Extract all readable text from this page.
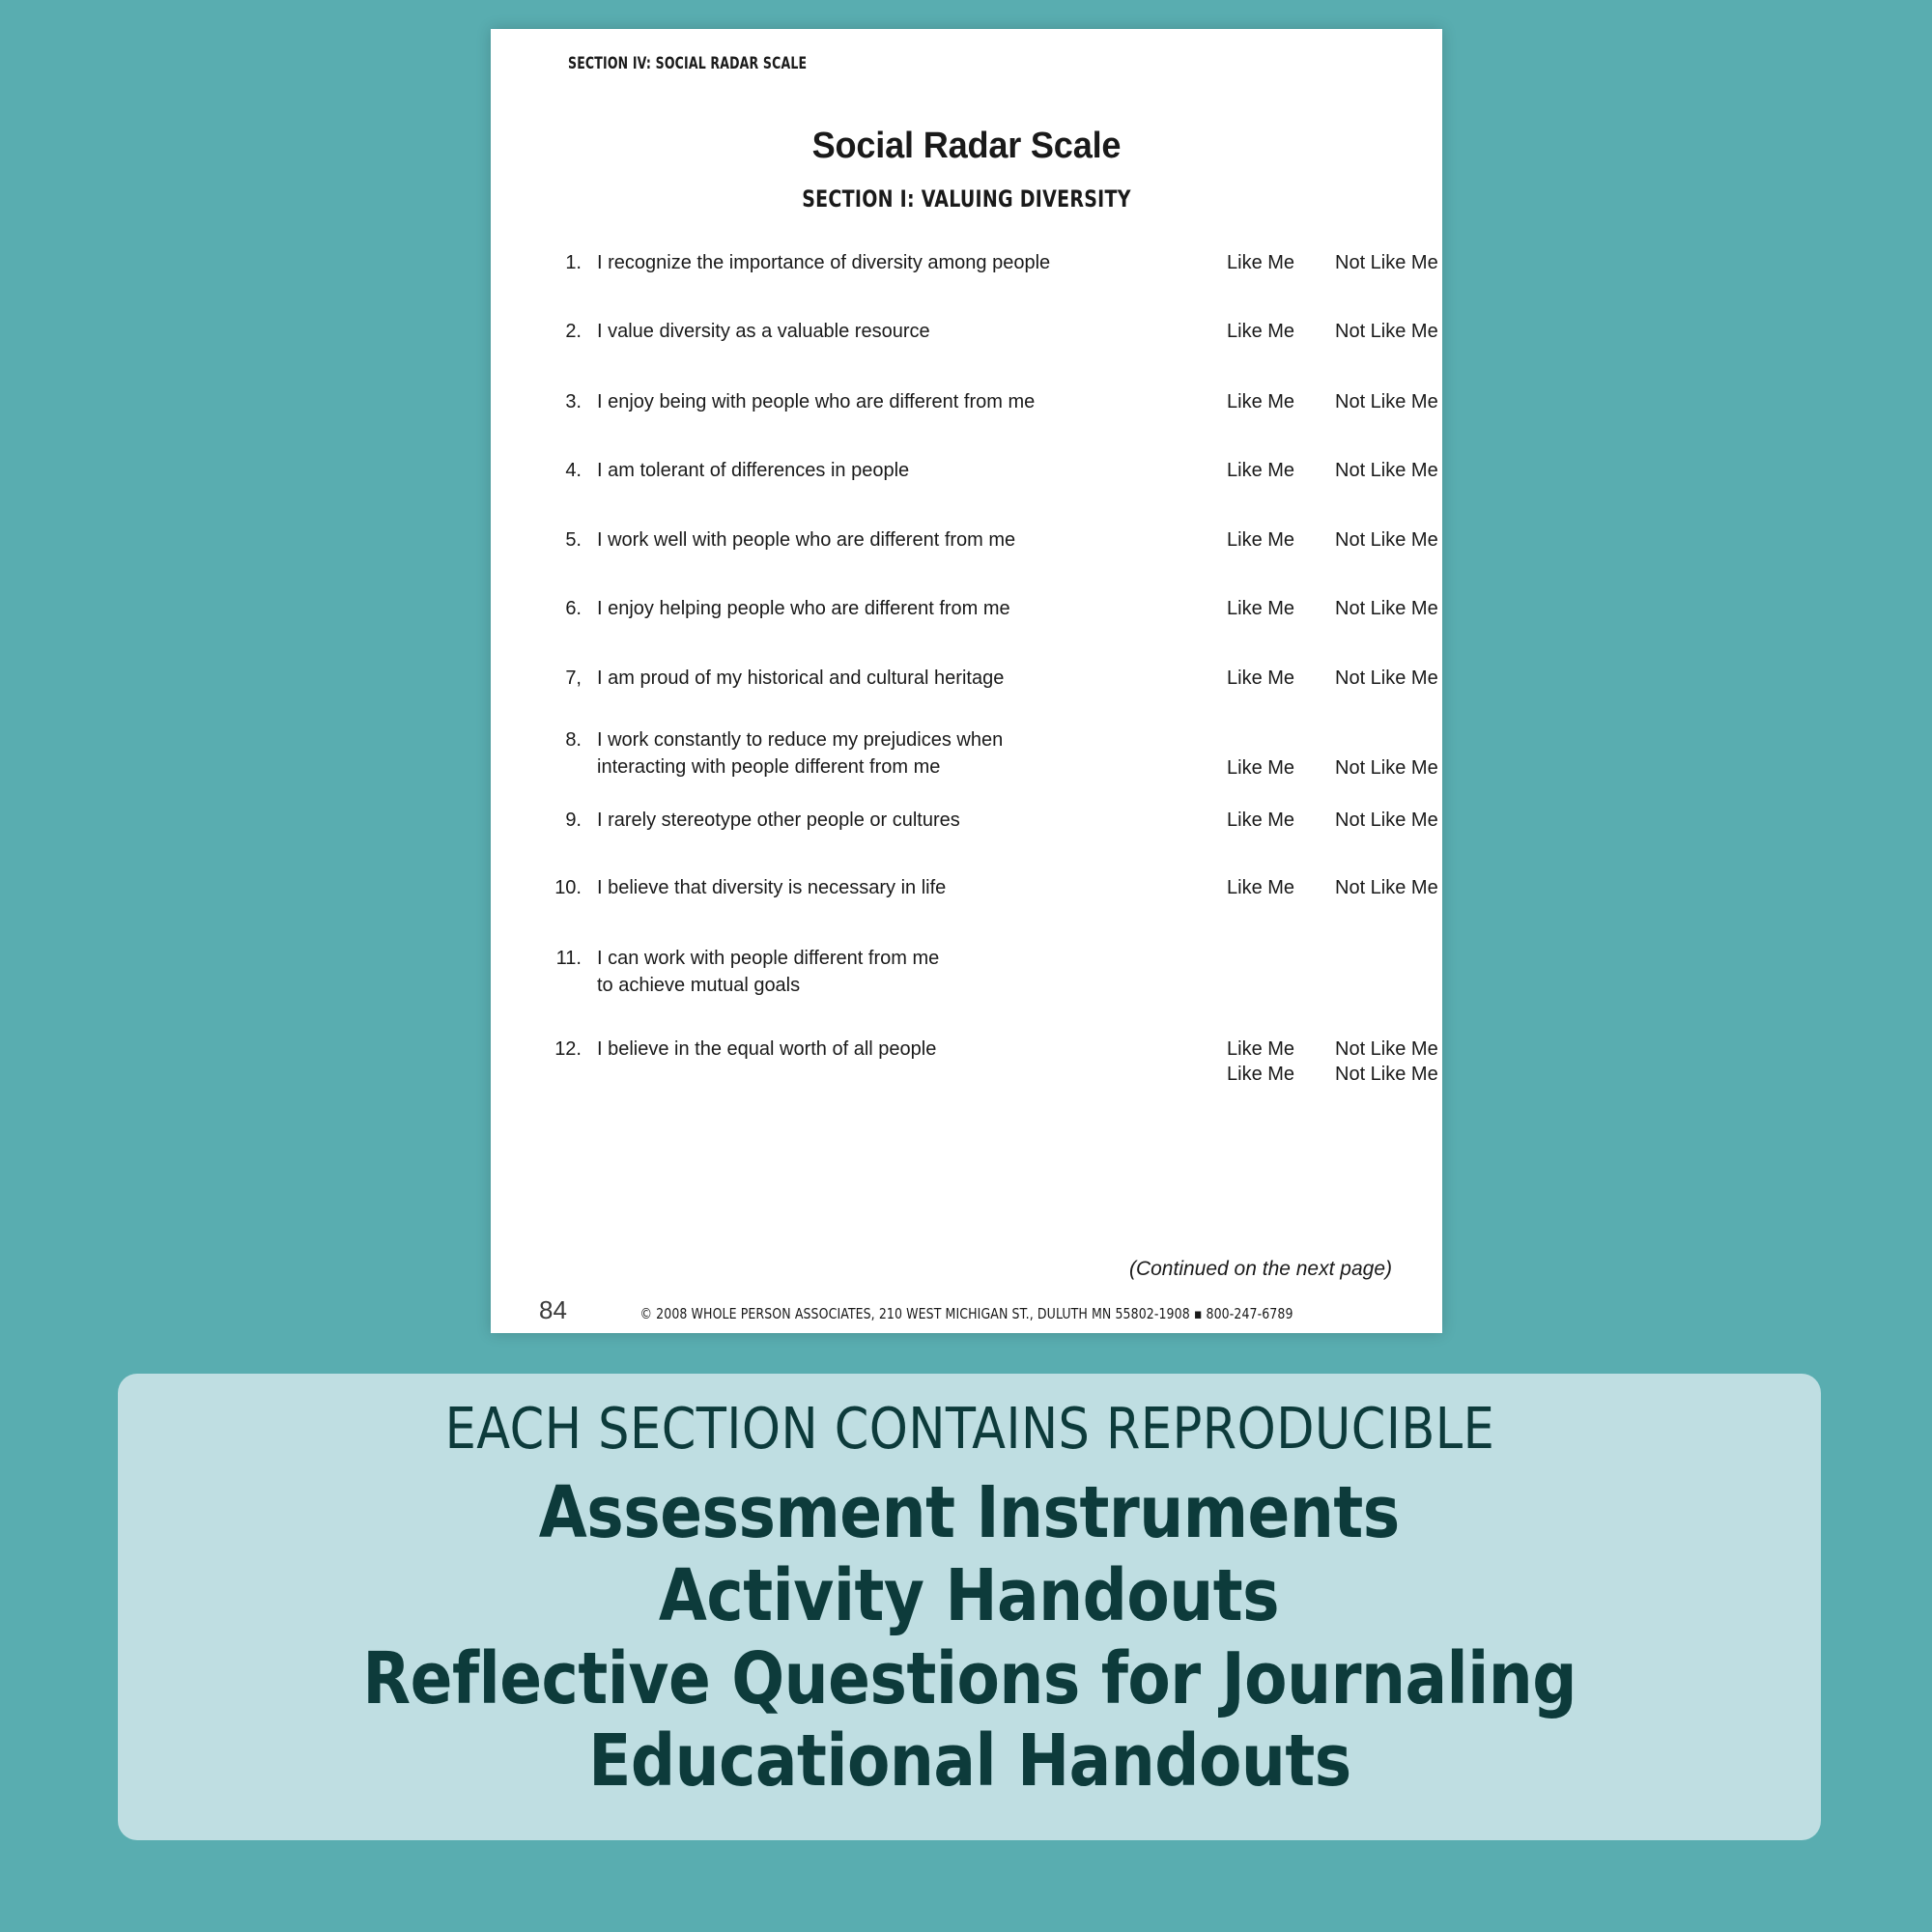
SECTION IV: SOCIAL RADAR SCALE
Social Radar Scale
SECTION I: VALUING DIVERSITY
1. I recognize the importance of diversity among people	Like Me Not Like Me
2. I value diversity as a valuable resource	Like Me Not Like Me
3. I enjoy being with people who are different from me	Like Me Not Like Me
4. I am tolerant of differences in people	Like Me Not Like Me
5. I work well with people who are different from me	Like Me Not Like Me
6. I enjoy helping people who are different from me	Like Me Not Like Me
7, I am proud of my historical and cultural heritage	Like Me Not Like Me
8. I work constantly to reduce my prejudices when
interacting with people different from me	Like Me Not Like Me
9. I rarely stereotype other people or cultures	Like Me Not Like Me
10. I believe that diversity is necessary in life	Like Me Not Like Me
11. I can work with people different from me
to achieve mutual goals
Like Me Not Like Me
12. I believe in the equal worth of all people	Like Me Not Like Me
(Continued on the next page)
84	© 2008 WHOLE PERSON ASSOCIATES, 210 WEST MICHIGAN ST., DULUTH MN 55802-1908 ▪ 800-247-6789
EACH SECTION CONTAINS REPRODUCIBLE
Assessment Instruments
Activity Handouts
Reflective Questions for Journaling
Educational Handouts
